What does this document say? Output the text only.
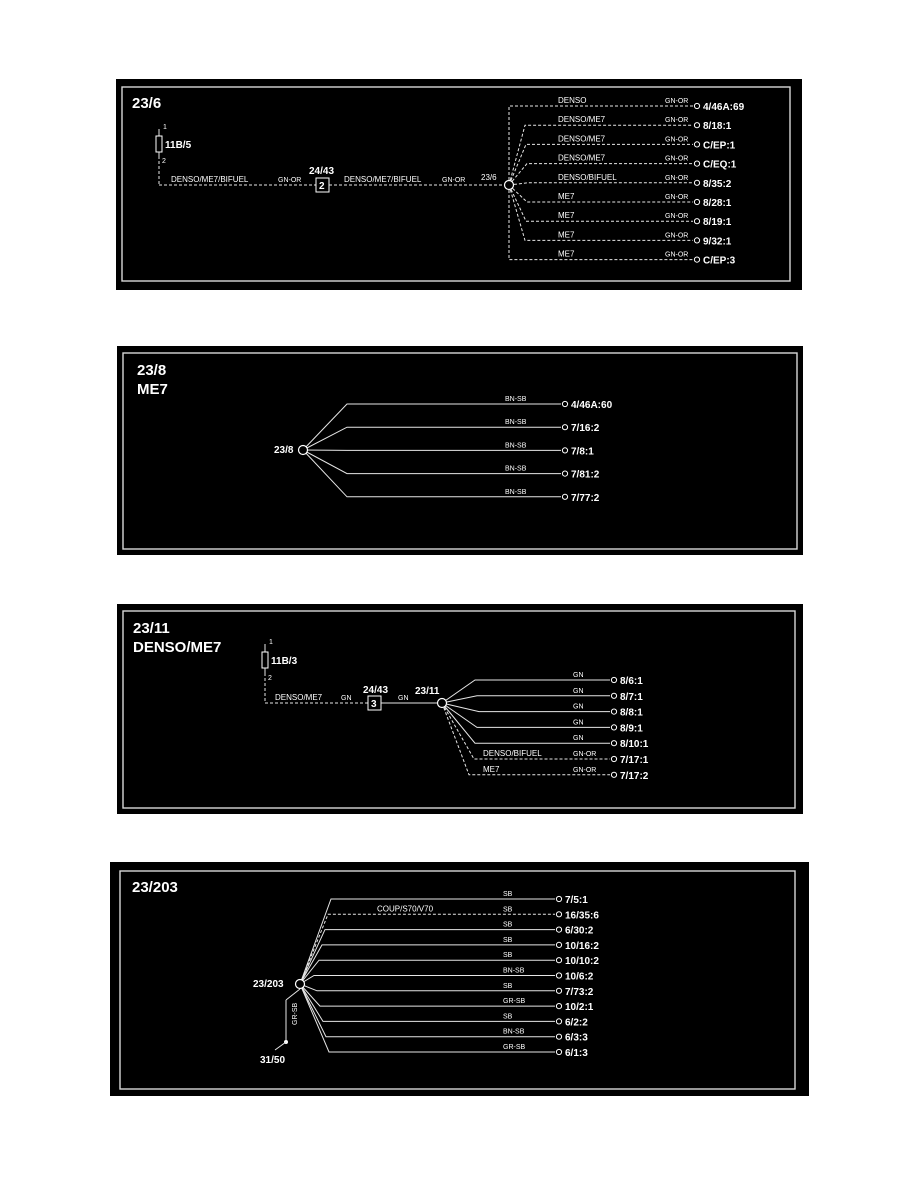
23/6
1
11B/5
2
DENSO/ME7/BIFUEL	GN-OR
24/43
2
DENSO/ME7/BIFUEL	GN-OR 23/6
DENSO	GN-OR
4/46A:69
DENSO/ME7	GN-OR
8/18:1
DENSO/ME7	GN-OR
C/EP:1
DENSO/ME7	GN-OR
C/EQ:1
DENSO/BIFUEL	GN-OR
8/35:2
ME7	GN-OR
8/28:1
ME7	GN-OR
8/19:1
ME7	GN-OR
9/32:1
ME7	GN-OR
C/EP:3
23/8
ME7
23/8
BN-SB
4/46A:60
BN-SB
7/16:2
BN-SB
7/8:1
BN-SB
7/81:2
BN-SB
7/77:2
23/11
DENSO/ME7	1
11B/3
2
DENSO/ME7	GN
24/43
3
GN
23/11
GN
8/6:1
GN
8/7:1
GN
8/8:1
GN
8/9:1
GN
8/10:1
DENSO/BIFUEL	GN-OR
7/17:1
ME7	GN-OR
7/17:2
23/203
23/203
GR-SB
31/50
SB
7/5:1
COUP/S70/V70	SB
16/35:6
SB
6/30:2
SB
10/16:2
SB
10/10:2
BN-SB
10/6:2
SB
7/73:2
GR-SB
10/2:1
SB
6/2:2
BN-SB
6/3:3
GR-SB
6/1:3
